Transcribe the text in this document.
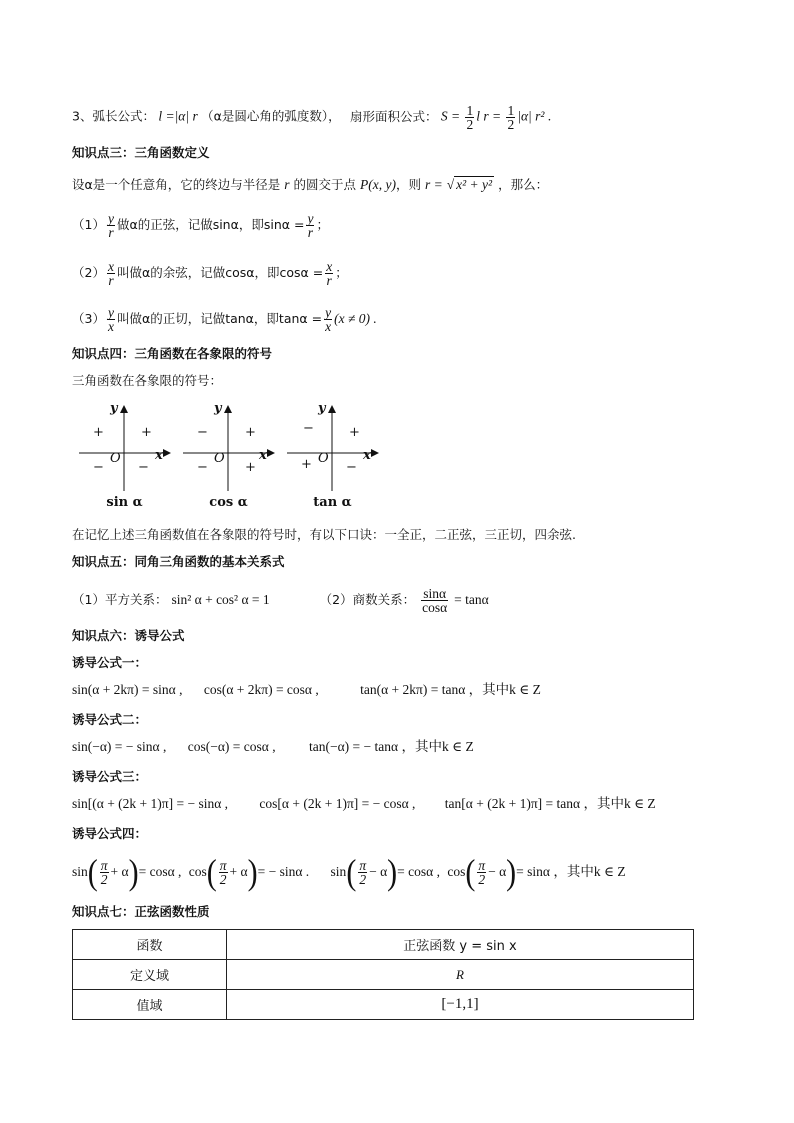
3、弧长公式： l =|α| r （α是圆心角的弧度数）， 扇形面积公式： $S = \frac{1}{2}$ l $r = \frac{1}{2} |\alpha|$ r² .
知识点三：三角函数定义
设α是一个任意角，它的终边与半径是 r 的圆交于点 P(x, y)，则 r = √ x² + y² ，那么：
$(1) \frac{y}{r}$ 做α的正弦，记做sinα，即$\sin\alpha = \frac{y}{r}$ ；
$(2) \frac{x}{r}$ 叫做α的余弦，记做cosα，即$\cos\alpha = \frac{x}{r}$ ；
$(3) \frac{y}{x}$ 叫做α的正切，记做tanα，即$\tan\alpha = \frac{y}{x} (x \ne 0)$ .
知识点四：三角函数在各象限的符号
三角函数在各象限的符号：
y
x
O
+	+
−	−
sin α
y
x
O
−	+
−	+
cos α
y
x
O
−	+
+	−
tan α
在记忆上述三角函数值在各象限的符号时，有以下口诀：一全正，二正弦，三正切，四余弦.
知识点五：同角三角函数的基本关系式
（1）平方关系： sin² α + cos² α = 1	（2）商数关系： $\frac{\sin\alpha}{\cos\alpha} = \tan\alpha$
知识点六：诱导公式
诱导公式一：
sin(α + 2kπ) = sinα , cos(α + 2kπ) = cosα ,	tan(α + 2kπ) = tanα ，其中k ∈ Z
诱导公式二：
sin(−α) = − sinα , cos(−α) = cosα , tan(−α) = − tanα ，其中k ∈ Z
诱导公式三：
sin[(α + (2k + 1)π] = − sinα , cos[α + (2k + 1)π] = − cosα , tan[α + (2k + 1)π] = tanα ，其中k ∈ Z
诱导公式四：
$\sin( \frac{\pi}{2} + \alpha)= \cos\alpha$ , $\cos( \frac{\pi}{2} + \alpha)= - \sin\alpha$ . $\sin( \frac{\pi}{2} - \alpha)= \cos\alpha$ , $\cos( \frac{\pi}{2} - \alpha)= \sin\alpha$ ，其中k ∈ Z
知识点七：正弦函数性质
函数	正弦函数 y = sin x
定义域	R
值域	[−1,1]
